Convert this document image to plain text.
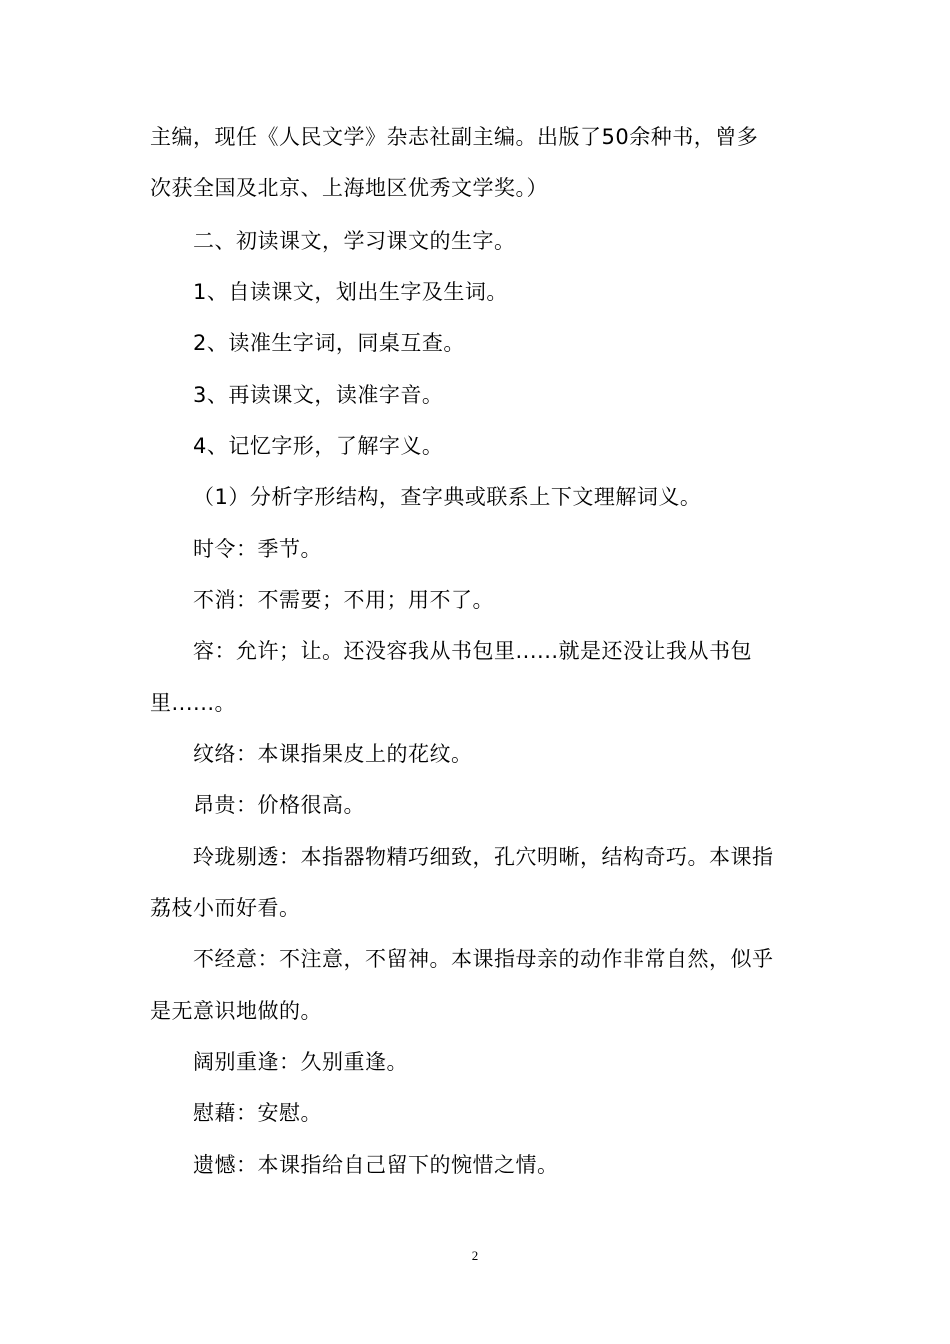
主编，现任《人民文学》杂志社副主编。出版了50余种书，曾多
次获全国及北京、上海地区优秀文学奖。）
二、初读课文，学习课文的生字。
1、自读课文，划出生字及生词。
2、读准生字词，同桌互查。
3、再读课文，读准字音。
4、记忆字形，了解字义。
（1）分析字形结构，查字典或联系上下文理解词义。
时令：季节。
不消：不需要；不用；用不了。
容：允许；让。还没容我从书包里......就是还没让我从书包
里......。
纹络：本课指果皮上的花纹。
昂贵：价格很高。
玲珑剔透：本指器物精巧细致，孔穴明晰，结构奇巧。本课指
荔枝小而好看。
不经意：不注意，不留神。本课指母亲的动作非常自然，似乎
是无意识地做的。
阔别重逢：久别重逢。
慰藉：安慰。
遗憾：本课指给自己留下的惋惜之情。
2
